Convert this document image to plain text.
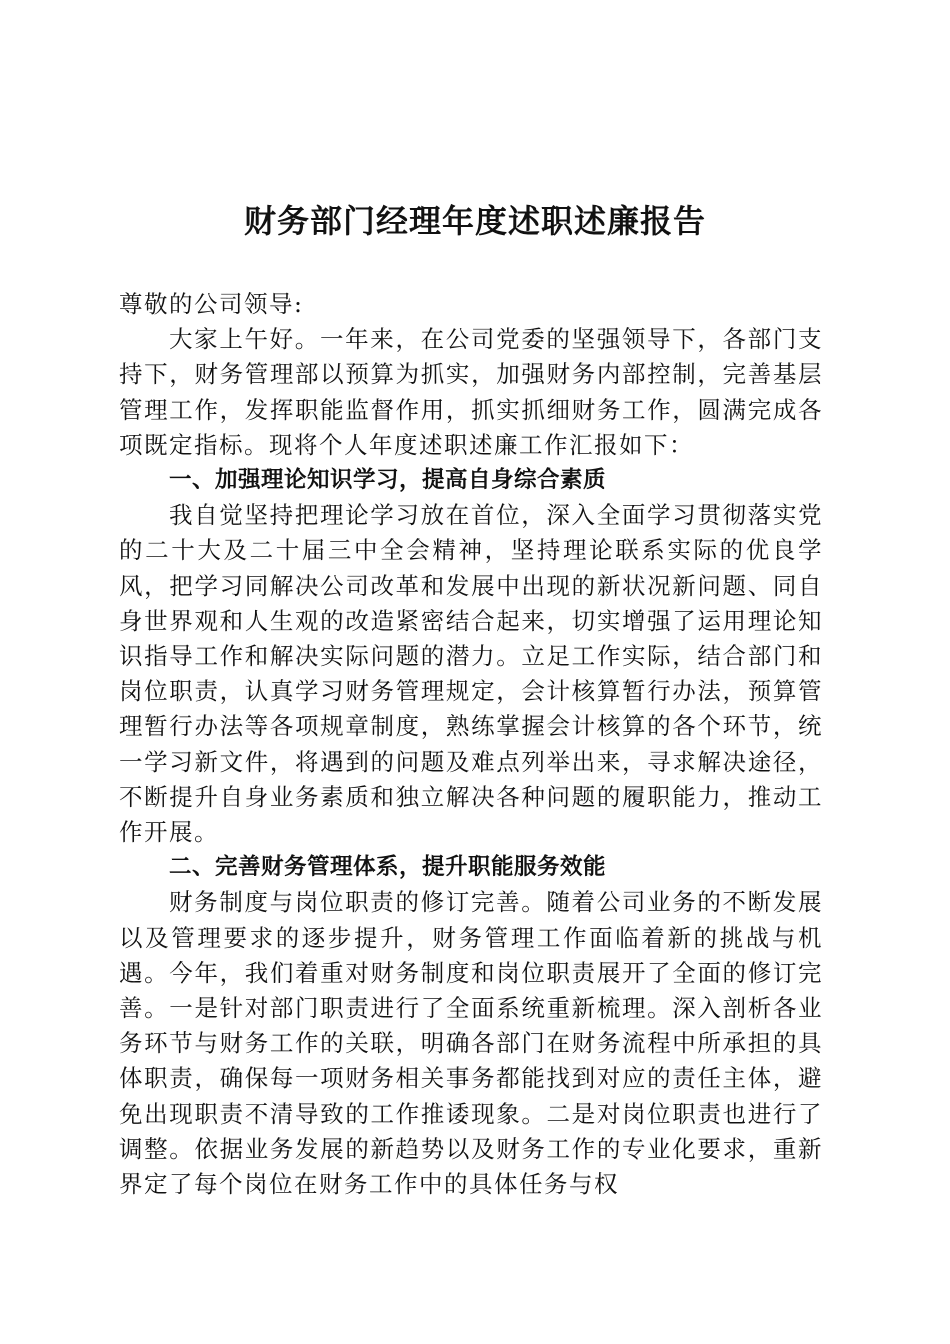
财务部门经理年度述职述廉报告

尊敬的公司领导:

大家上午好。一年来，在公司党委的坚强领导下，各部门支持下，财务管理部以预算为抓实，加强财务内部控制，完善基层管理工作，发挥职能监督作用，抓实抓细财务工作，圆满完成各项既定指标。现将个人年度述职述廉工作汇报如下：

一、加强理论知识学习，提高自身综合素质

我自觉坚持把理论学习放在首位，深入全面学习贯彻落实党的二十大及二十届三中全会精神，坚持理论联系实际的优良学风，把学习同解决公司改革和发展中出现的新状况新问题、同自身世界观和人生观的改造紧密结合起来，切实增强了运用理论知识指导工作和解决实际问题的潜力。立足工作实际，结合部门和岗位职责，认真学习财务管理规定，会计核算暂行办法，预算管理暂行办法等各项规章制度，熟练掌握会计核算的各个环节，统一学习新文件，将遇到的问题及难点列举出来，寻求解决途径，不断提升自身业务素质和独立解决各种问题的履职能力，推动工作开展。

二、完善财务管理体系，提升职能服务效能

财务制度与岗位职责的修订完善。随着公司业务的不断发展以及管理要求的逐步提升，财务管理工作面临着新的挑战与机遇。今年，我们着重对财务制度和岗位职责展开了全面的修订完善。一是针对部门职责进行了全面系统重新梳理。深入剖析各业务环节与财务工作的关联，明确各部门在财务流程中所承担的具体职责，确保每一项财务相关事务都能找到对应的责任主体，避免出现职责不清导致的工作推诿现象。二是对岗位职责也进行了调整。依据业务发展的新趋势以及财务工作的专业化要求，重新界定了每个岗位在财务工作中的具体任务与权
